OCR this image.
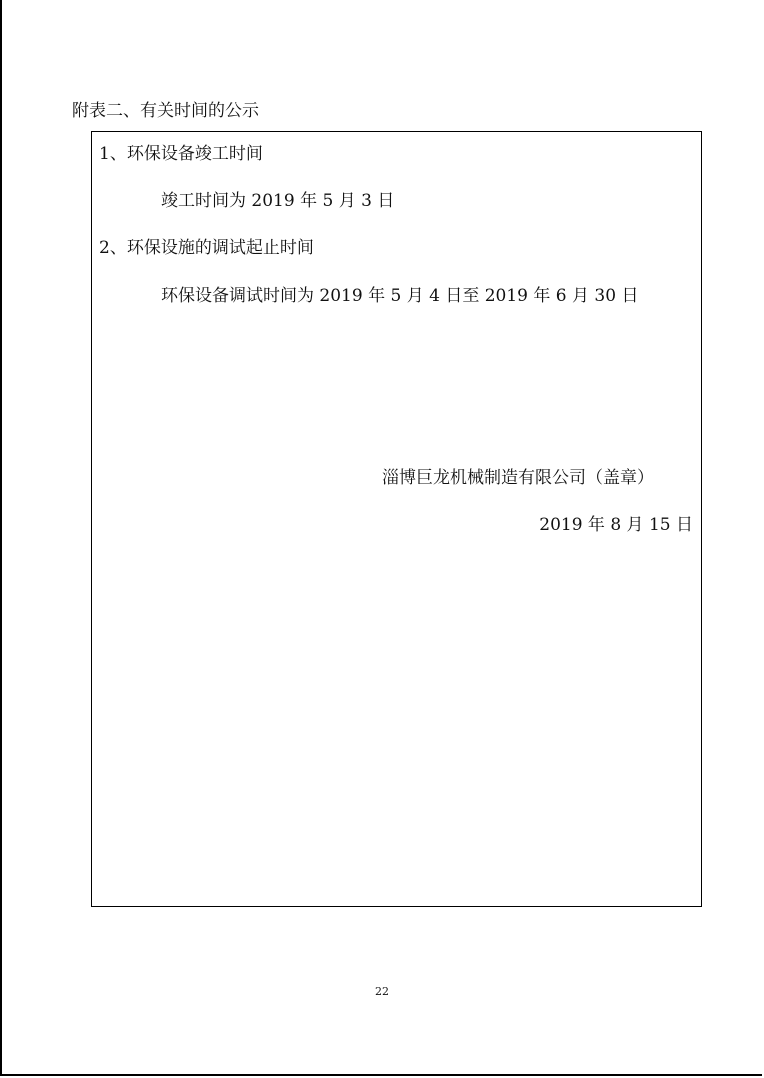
附表二、有关时间的公示
1、环保设备竣工时间
竣工时间为 2019 年 5 月 3 日
2、环保设施的调试起止时间
环保设备调试时间为 2019 年 5 月 4 日至 2019 年 6 月 30 日
淄博巨龙机械制造有限公司（盖章）
2019 年 8 月 15 日
22
